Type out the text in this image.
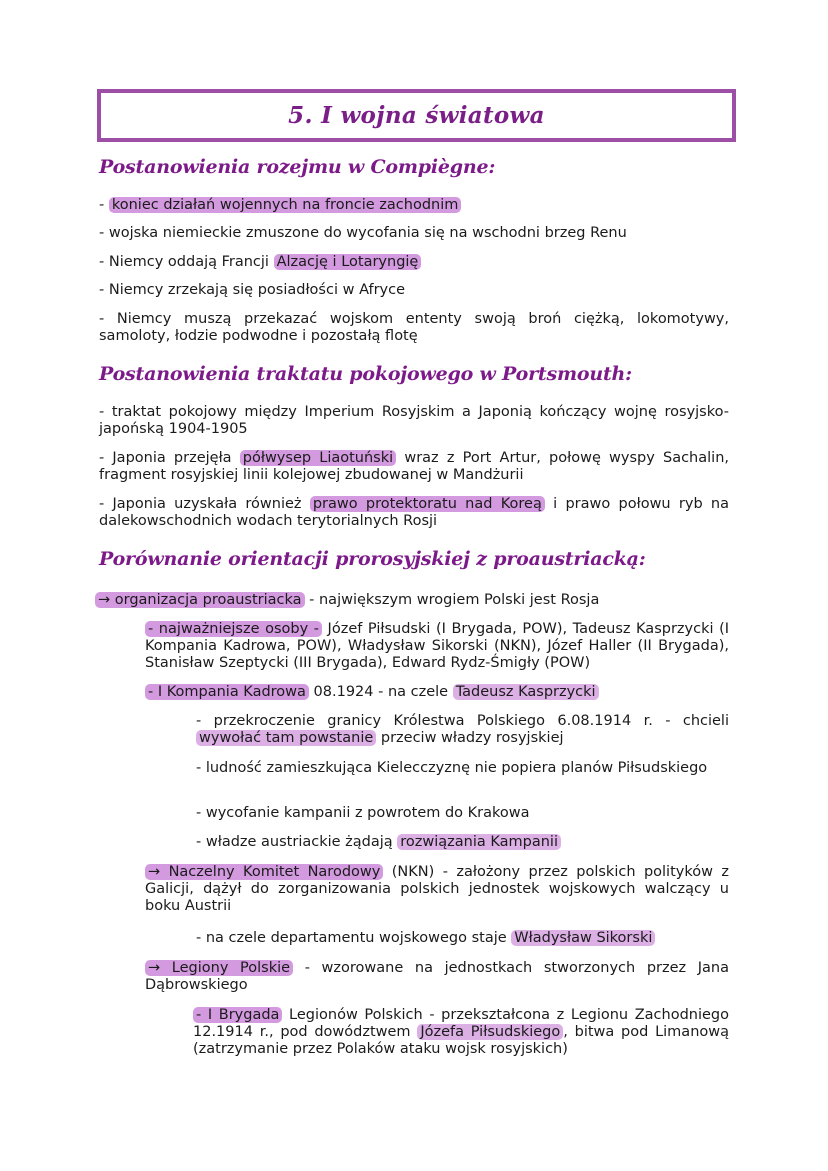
5. I wojna światowa
Postanowienia rozejmu w Compiègne:
- koniec działań wojennych na froncie zachodnim
- wojska niemieckie zmuszone do wycofania się na wschodni brzeg Renu
- Niemcy oddają Francji Alzację i Lotaryngię
- Niemcy zrzekają się posiadłości w Afryce
- Niemcy muszą przekazać wojskom ententy swoją broń ciężką, lokomotywy, samoloty, łodzie podwodne i pozostałą flotę
Postanowienia traktatu pokojowego w Portsmouth:
- traktat pokojowy między Imperium Rosyjskim a Japonią kończący wojnę rosyjsko-japońską 1904-1905
- Japonia przejęła półwysep Liaotuński wraz z Port Artur, połowę wyspy Sachalin, fragment rosyjskiej linii kolejowej zbudowanej w Mandżurii
- Japonia uzyskała również prawo protektoratu nad Koreą i prawo połowu ryb na dalekowschodnich wodach terytorialnych Rosji
Porównanie orientacji prorosyjskiej z proaustriacką:
→ organizacja proaustriacka - największym wrogiem Polski jest Rosja
- najważniejsze osoby - Józef Piłsudski (I Brygada, POW), Tadeusz Kasprzycki (I Kompania Kadrowa, POW), Władysław Sikorski (NKN), Józef Haller (II Brygada), Stanisław Szeptycki (III Brygada), Edward Rydz-Śmigły (POW)
- I Kompania Kadrowa 08.1924 - na czele Tadeusz Kasprzycki
- przekroczenie granicy Królestwa Polskiego 6.08.1914 r. - chcieli wywołać tam powstanie przeciw władzy rosyjskiej
- ludność zamieszkująca Kielecczyznę nie popiera planów Piłsudskiego
- wycofanie kampanii z powrotem do Krakowa
- władze austriackie żądają rozwiązania Kampanii
→ Naczelny Komitet Narodowy (NKN) - założony przez polskich polityków z Galicji, dążył do zorganizowania polskich jednostek wojskowych walczący u boku Austrii
- na czele departamentu wojskowego staje Władysław Sikorski
→ Legiony Polskie - wzorowane na jednostkach stworzonych przez Jana Dąbrowskiego
- I Brygada Legionów Polskich - przekształcona z Legionu Zachodniego 12.1914 r., pod dowództwem Józefa Piłsudskiego , bitwa pod Limanową (zatrzymanie przez Polaków ataku wojsk rosyjskich)
